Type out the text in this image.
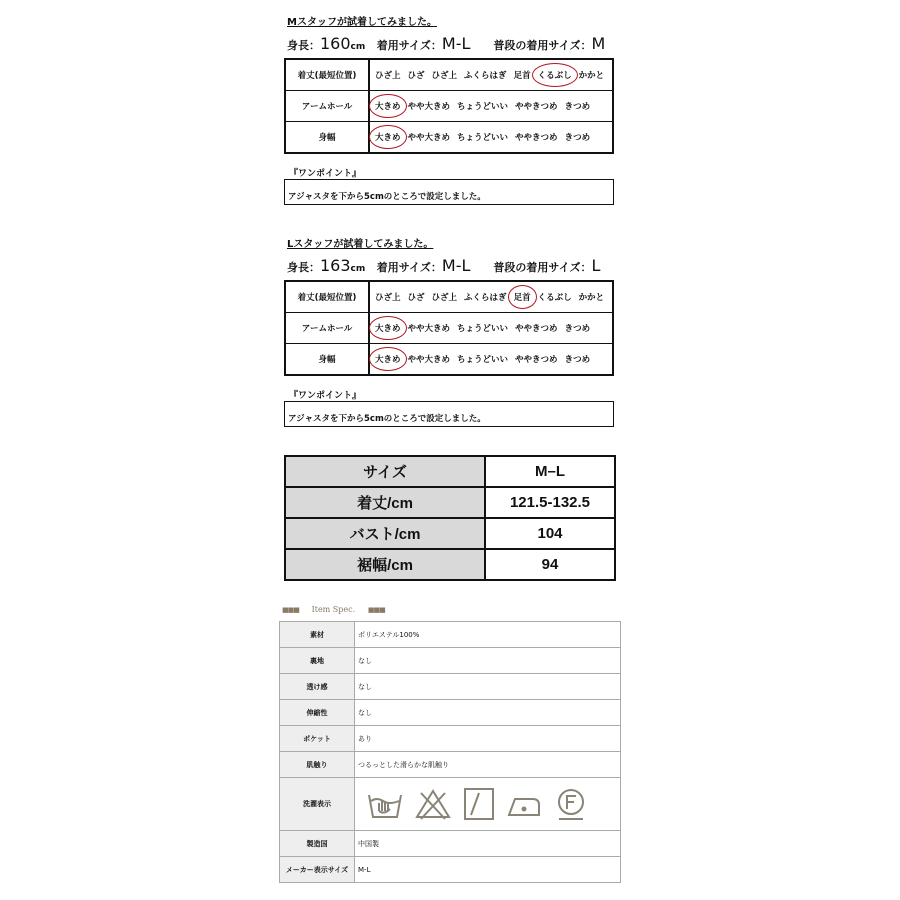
Mスタッフが試着してみました。
身長：160cm 着用サイズ：M-L 普段の着用サイズ：M
着丈(最短位置)	ひざ上 ひざ ひざ上 ふくらはぎ 足首 くるぶし かかと
アームホール	大きめ やや大きめ ちょうどいい ややきつめ きつめ
身幅	大きめ やや大きめ ちょうどいい ややきつめ きつめ
『ワンポイント』
アジャスタを下から5cmのところで設定しました。
Lスタッフが試着してみました。
身長：163cm 着用サイズ：M-L 普段の着用サイズ：L
着丈(最短位置)	ひざ上 ひざ ひざ上 ふくらはぎ 足首 くるぶし かかと
アームホール	大きめ やや大きめ ちょうどいい ややきつめ きつめ
身幅	大きめ やや大きめ ちょうどいい ややきつめ きつめ
『ワンポイント』
アジャスタを下から5cmのところで設定しました。
サイズ	M–L
着丈/cm	121.5-132.5
バスト/cm	104
裾幅/cm	94
■■■ Item Spec. ■■■
素材	ポリエステル100%
裏地	なし
透け感	なし
伸縮性	なし
ポケット	あり
肌触り	つるっとした滑らかな肌触り
洗濯表示	

製造国	中国製
メーカー表示サイズ	M-L
